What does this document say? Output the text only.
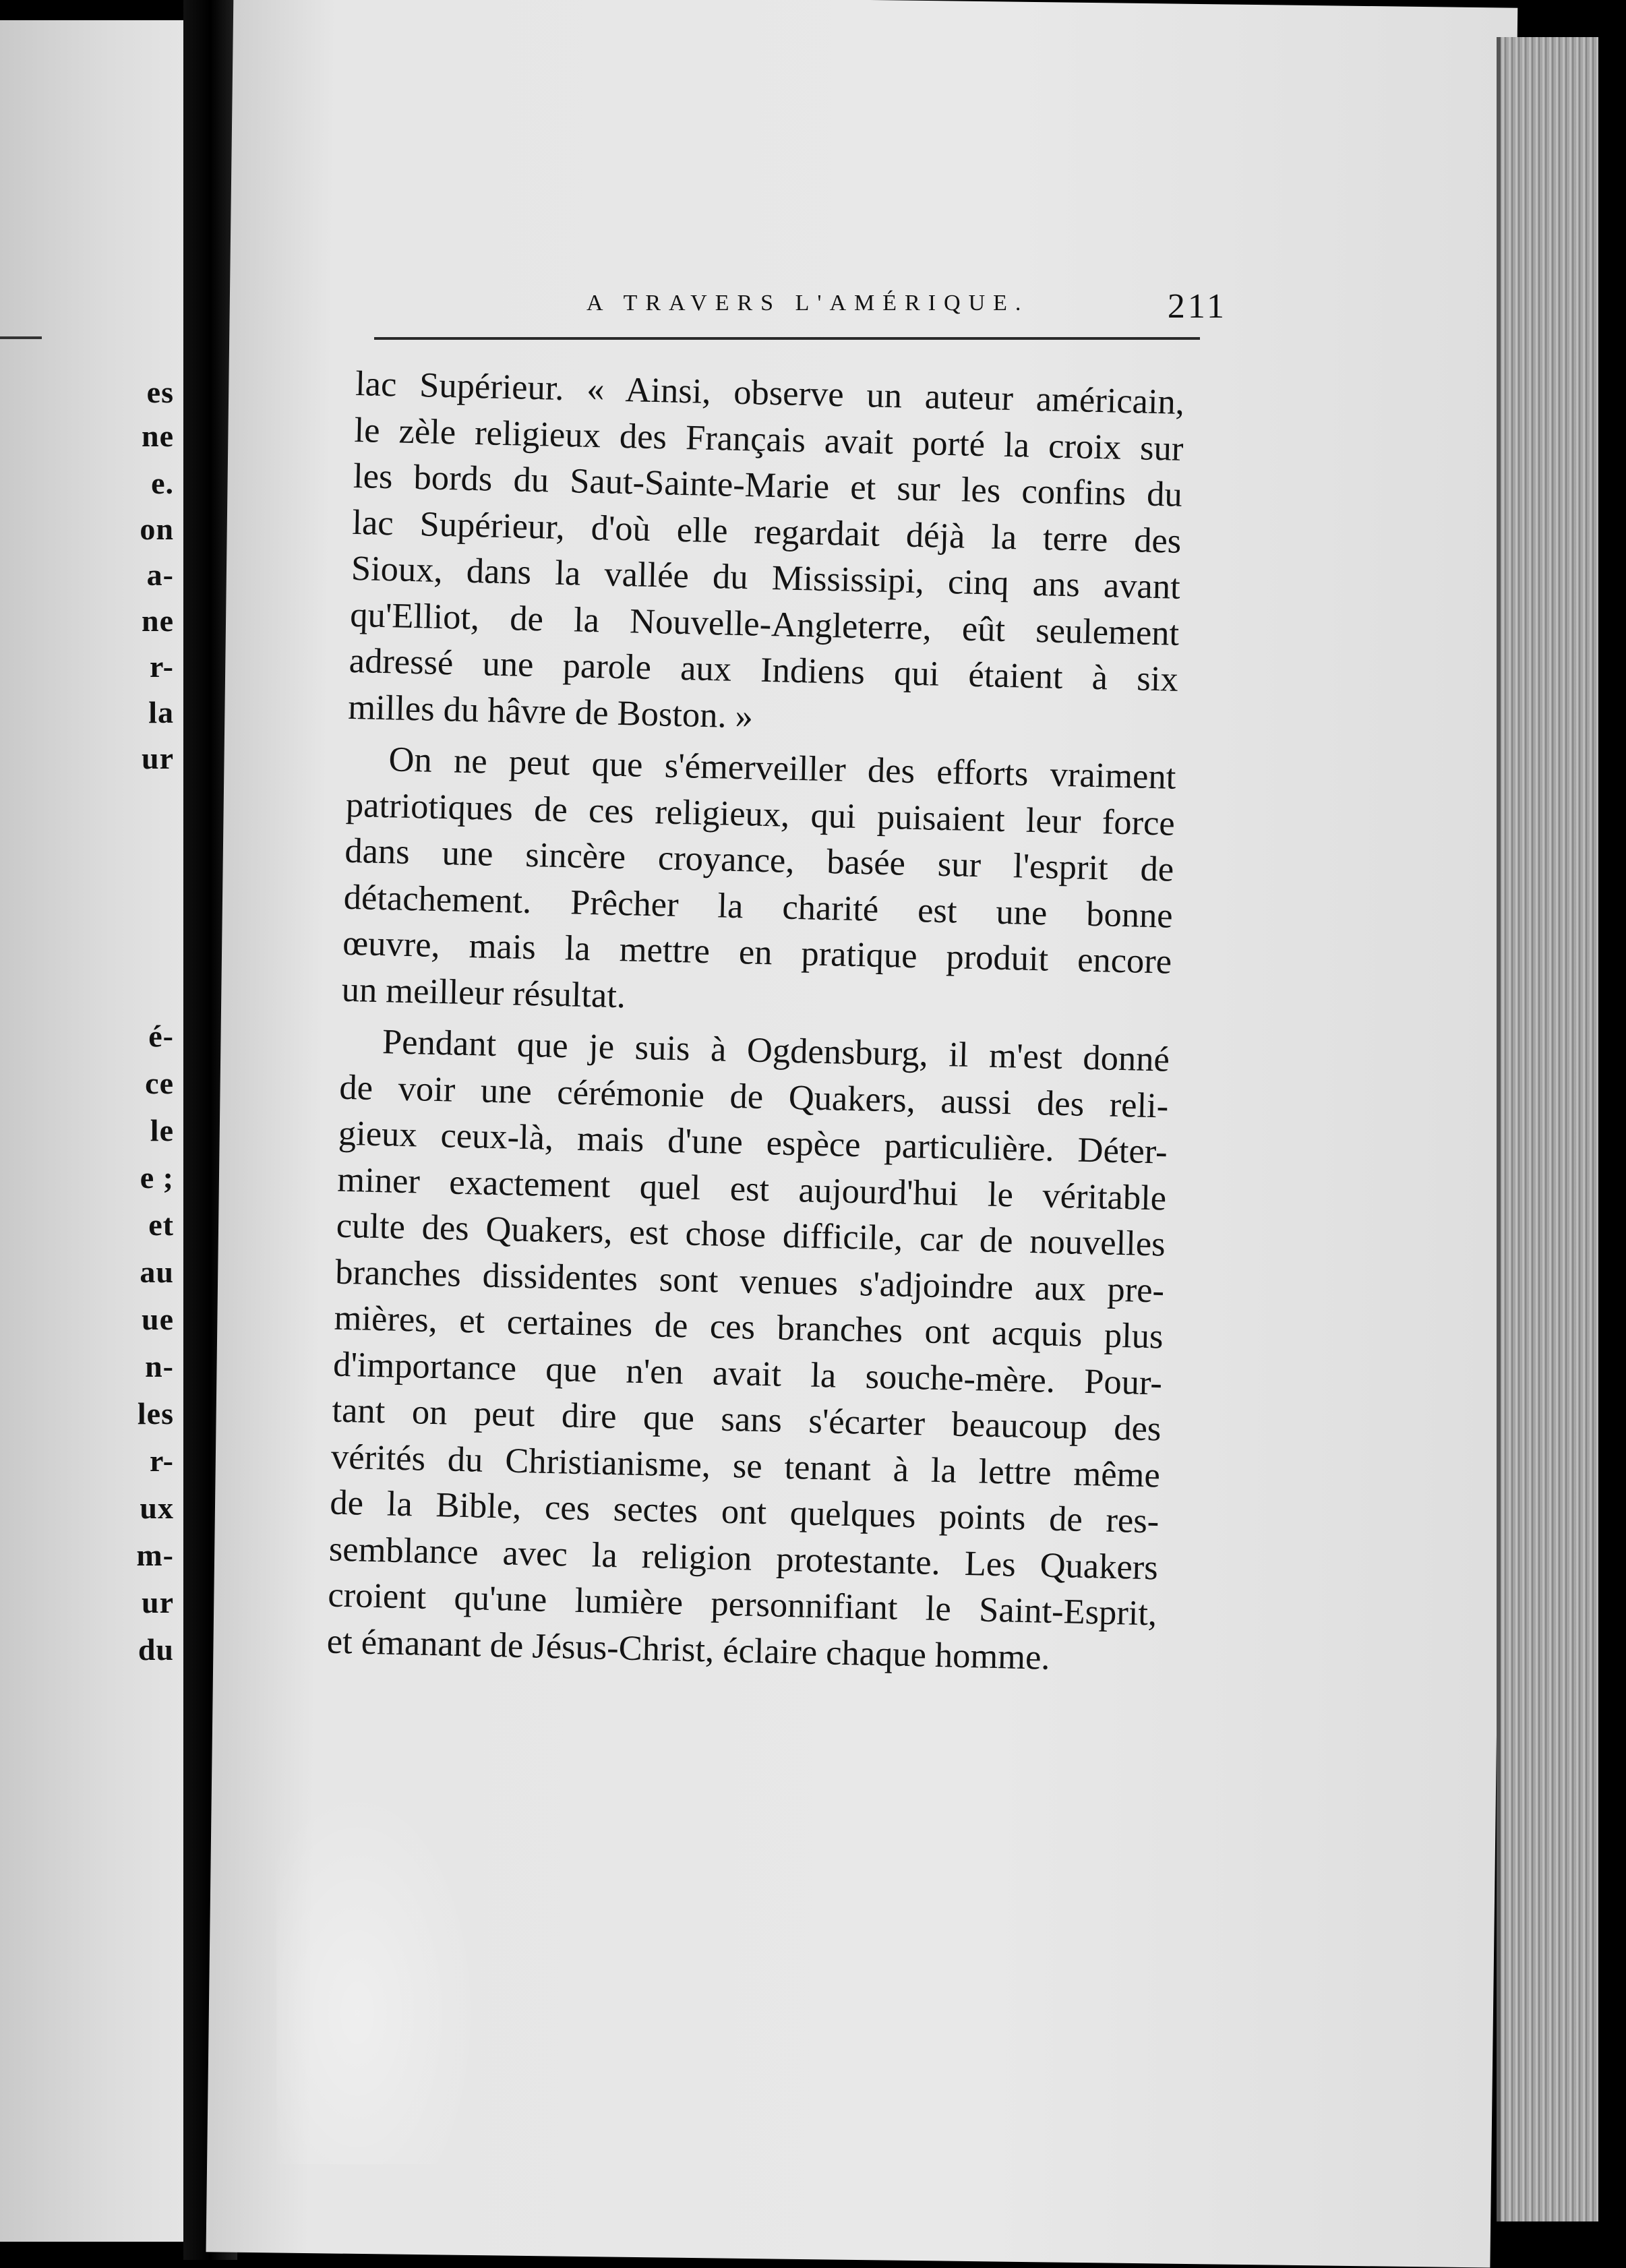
es
ne
e.
on
a-
ne
r-
la
ur
é-
ce
le
e ;
et
au
ue
n-
les
r-
ux
m-
ur
du
A TRAVERS L'AMÉRIQUE.	211
lac Supérieur. « Ainsi, observe un auteur américain,
le zèle religieux des Français avait porté la croix sur
les bords du Saut-Sainte-Marie et sur les confins du
lac Supérieur, d'où elle regardait déjà la terre des
Sioux, dans la vallée du Mississipi, cinq ans avant
qu'Elliot, de la Nouvelle-Angleterre, eût seulement
adressé une parole aux Indiens qui étaient à six
milles du hâvre de Boston. »
On ne peut que s'émerveiller des efforts vraiment
patriotiques de ces religieux, qui puisaient leur force
dans une sincère croyance, basée sur l'esprit de
détachement. Prêcher la charité est une bonne
œuvre, mais la mettre en pratique produit encore
un meilleur résultat.
Pendant que je suis à Ogdensburg, il m'est donné
de voir une cérémonie de Quakers, aussi des reli-
gieux ceux-là, mais d'une espèce particulière. Déter-
miner exactement quel est aujourd'hui le véritable
culte des Quakers, est chose difficile, car de nouvelles
branches dissidentes sont venues s'adjoindre aux pre-
mières, et certaines de ces branches ont acquis plus
d'importance que n'en avait la souche-mère. Pour-
tant on peut dire que sans s'écarter beaucoup des
vérités du Christianisme, se tenant à la lettre même
de la Bible, ces sectes ont quelques points de res-
semblance avec la religion protestante. Les Quakers
croient qu'une lumière personnifiant le Saint-Esprit,
et émanant de Jésus-Christ, éclaire chaque homme.
